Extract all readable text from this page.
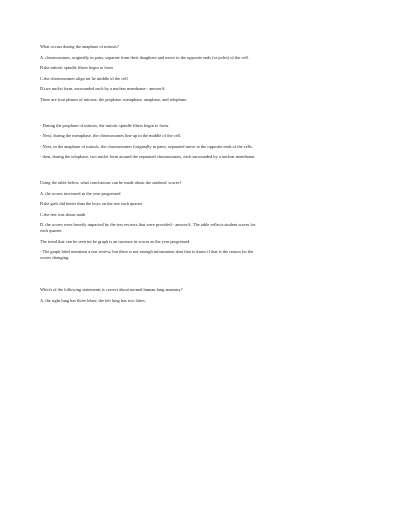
What occurs during the anaphase of mitosis?

A. chromosomes, originally in pairs, separate from their daughters and move to the opposite ends (or poles) of the cell.

B.the mitotic spindle fibers begin to form

C.the chromosomes align int he middle of the cell

D.two nuclei form, surrounded each by a nuclear membrane - answerA

There are four phases of mitosis: the prophase, metaphase, anaphase, and telophase.

- During the prophase of mitosis, the mitotic spindle fibers begin to form.

- Next, during the metaphase, the chromosomes line up in the middle of the cell.

- Next, in the anaphase of mitosis, the chromosomes (originally in pairs, separated move to the opposite ends of the cells.

- then, during the telophase, two nuclei form around the separated chromosomes, each surrounded by a nuclear membrane.

Using the table below, what conclusions can be made about the students' scores?

A. the scores increased as the year progressed

B.the girls did better than the boys on the test each quarter

C.the test was about math

D. the scores were heavily impacted by the test reviews that were provided - answerA. The table reflects student scores for each quarter.

The trend that can be seen int he graph is an increase in scores as the year progressed.

- The graph label mentions a test review, but there is not enough information abut that to know if that is the reason for the scores changing.

Which of the following statements is correct about normal human lung anatomy?

A. the right lung has three lobes; the left lung has two lobes.
